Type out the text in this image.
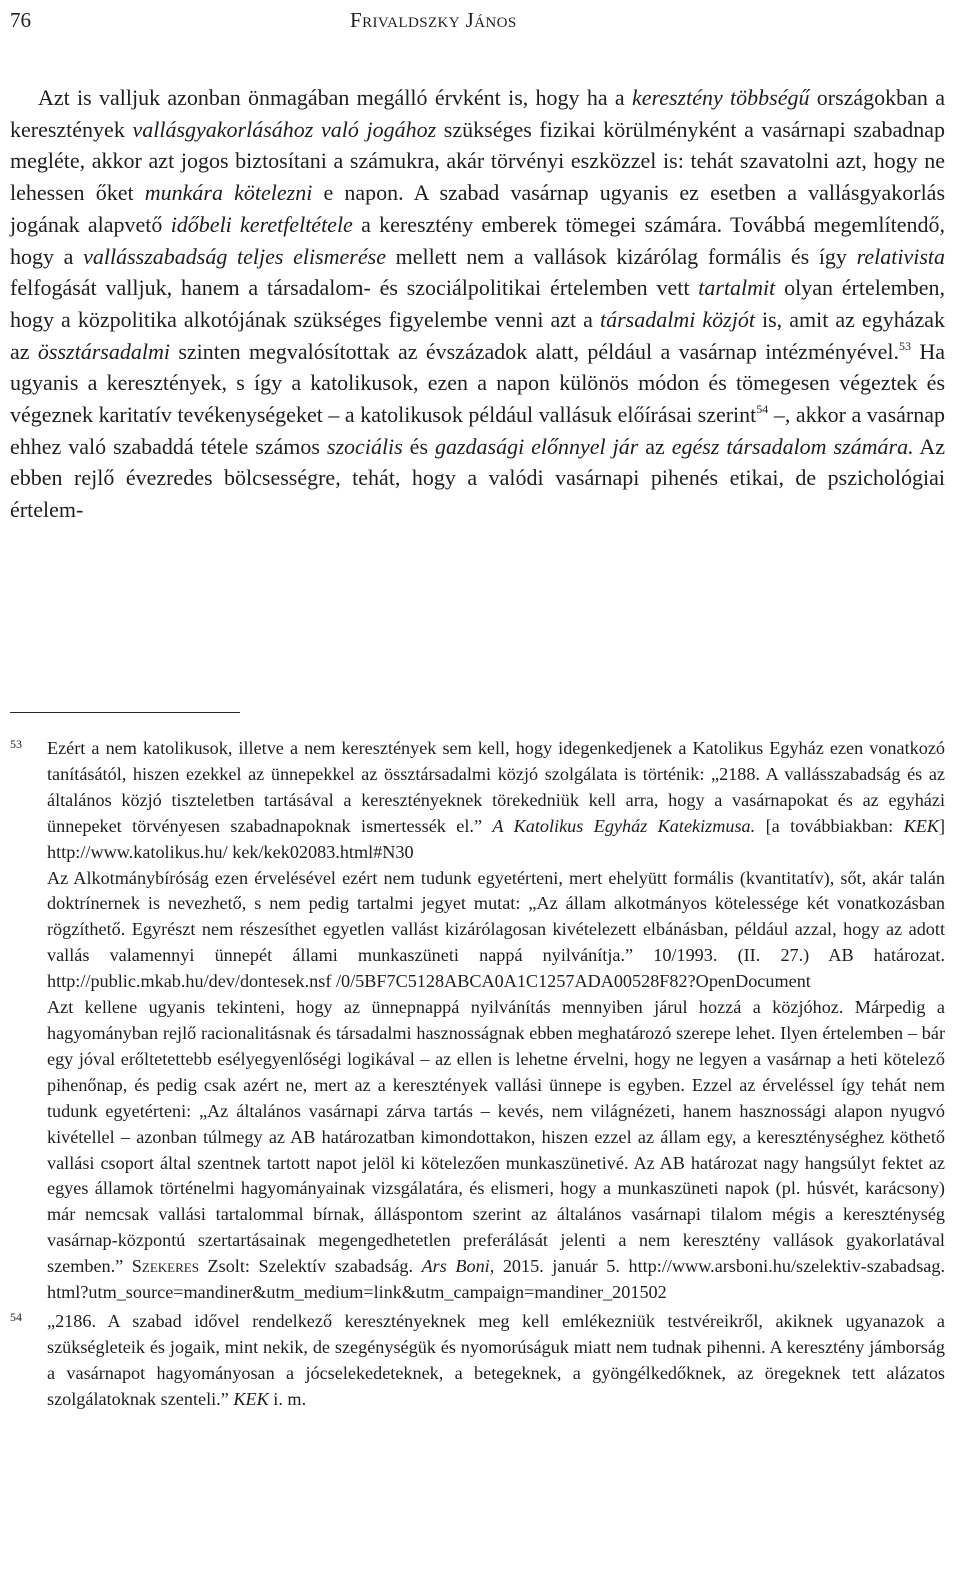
76	Frivaldszky János

Azt is valljuk azonban önmagában megálló érvként is, hogy ha a keresztény többségű országokban a keresztények vallásgyakorlásához való jogához szükséges fizikai körülményként a vasárnapi szabadnap megléte, akkor azt jogos biztosítani a számukra, akár törvényi eszközzel is: tehát szavatolni azt, hogy ne lehessen őket munkára kötelezni e napon. A szabad vasárnap ugyanis ez esetben a vallásgyakorlás jogának alapvető időbeli keretfeltétele a keresztény emberek tömegei számára. Továbbá megemlítendő, hogy a vallásszabadság teljes elismerése mellett nem a vallások kizárólag formális és így relativista felfogását valljuk, hanem a társadalom- és szociálpolitikai értelemben vett tartalmit olyan értelemben, hogy a közpolitika alkotójának szükséges figyelembe venni azt a társadalmi közjót is, amit az egyházak az össztársadalmi szinten megvalósítottak az évszázadok alatt, például a vasárnap intézményével.$^{53}$ Ha ugyanis a keresztények, s így a katolikusok, ezen a napon különös módon és tömegesen végeztek és végeznek karitatív tevékenységeket – a katolikusok például vallásuk előírásai szerint$^{54}$ –, akkor a vasárnap ehhez való szabaddá tétele számos szociális és gazdasági előnnyel jár az egész társadalom számára. Az ebben rejlő évezredes bölcsességre, tehát, hogy a valódi vasárnapi pihenés etikai, de pszichológiai értelem-

53 Ezért a nem katolikusok, illetve a nem keresztények sem kell, hogy idegenkedjenek a Katolikus Egyház ezen vonatkozó tanításától, hiszen ezekkel az ünnepekkel az össztársadalmi közjó szolgálata is történik: „2188. A vallásszabadság és az általános közjó tiszteletben tartásával a keresztényeknek törekedniük kell arra, hogy a vasárnapokat és az egyházi ünnepeket törvényesen szabadnapoknak ismertessék el.” A Katolikus Egyház Katekizmusa. [a továbbiakban: KEK] http://www.katolikus.hu/ kek/kek02083.html#N30

Az Alkotmánybíróság ezen érvelésével ezért nem tudunk egyetérteni, mert ehelyütt formális (kvantitatív), sőt, akár talán doktrínernek is nevezhető, s nem pedig tartalmi jegyet mutat: „Az állam alkotmányos kötelessége két vonatkozásban rögzíthető. Egyrészt nem részesíthet egyetlen vallást kizárólagosan kivételezett elbánásban, például azzal, hogy az adott vallás valamennyi ünnepét állami munkaszüneti nappá nyilvánítja.” 10/1993. (II. 27.) AB határozat. http://public.mkab.hu/dev/dontesek.nsf /0/5BF7C5128ABCA0A1C1257ADA00528F82?OpenDocument

Azt kellene ugyanis tekinteni, hogy az ünnepnappá nyilvánítás mennyiben járul hozzá a közjóhoz. Márpedig a hagyományban rejlő racionalitásnak és társadalmi hasznosságnak ebben meghatározó szerepe lehet. Ilyen értelemben – bár egy jóval erőltetettebb esélyegyenlőségi logikával – az ellen is lehetne érvelni, hogy ne legyen a vasárnap a heti kötelező pihenőnap, és pedig csak azért ne, mert az a keresztények vallási ünnepe is egyben. Ezzel az érveléssel így tehát nem tudunk egyetérteni: „Az általános vasárnapi zárva tartás – kevés, nem világnézeti, hanem hasznossági alapon nyugvó kivétellel – azonban túlmegy az AB határozatban kimondottakon, hiszen ezzel az állam egy, a kereszténységhez köthető vallási csoport által szentnek tartott napot jelöl ki kötelezően munkaszünetivé. Az AB határozat nagy hangsúlyt fektet az egyes államok történelmi hagyományainak vizsgálatára, és elismeri, hogy a munkaszüneti napok (pl. húsvét, karácsony) már nemcsak vallási tartalommal bírnak, álláspontom szerint az általános vasárnapi tilalom mégis a kereszténység vasárnap-központú szertartásainak megengedhetetlen preferálását jelenti a nem keresztény vallások gyakorlatával szemben.” Szekeres Zsolt: Szelektív szabadság. Ars Boni, 2015. január 5. http://www.arsboni.hu/szelektiv-szabadsag. html?utm_source=mandiner&utm_medium=link&utm_campaign=mandiner_201502

54 „2186. A szabad idővel rendelkező keresztényeknek meg kell emlékezniük testvéreikről, akiknek ugyanazok a szükségleteik és jogaik, mint nekik, de szegénységük és nyomorúságuk miatt nem tudnak pihenni. A keresztény jámborság a vasárnapot hagyományosan a jócselekedeteknek, a betegeknek, a gyöngélkedőknek, az öregeknek tett alázatos szolgálatoknak szenteli.” KEK i. m.
